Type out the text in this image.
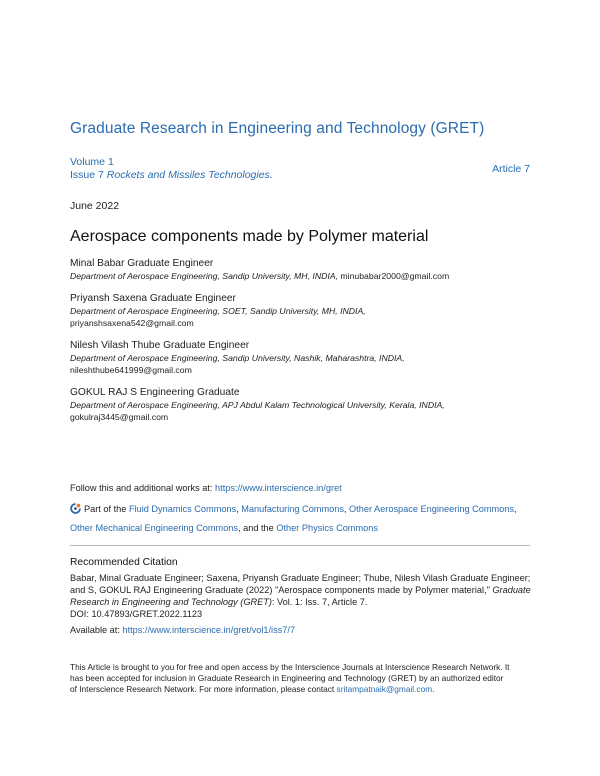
Graduate Research in Engineering and Technology (GRET)
Volume 1
Issue 7 Rockets and Missiles Technologies.	Article 7
June 2022
Aerospace components made by Polymer material
Minal Babar Graduate Engineer
Department of Aerospace Engineering, Sandip University, MH, INDIA, minubabar2000@gmail.com
Priyansh Saxena Graduate Engineer
Department of Aerospace Engineering, SOET, Sandip University, MH, INDIA,
priyanshsaxena542@gmail.com
Nilesh Vilash Thube Graduate Engineer
Department of Aerospace Engineering, Sandip University, Nashik, Maharashtra, INDIA,
nileshthube641999@gmail.com
GOKUL RAJ S Engineering Graduate
Department of Aerospace Engineering, APJ Abdul Kalam Technological University, Kerala, INDIA,
gokulraj3445@gmail.com
Follow this and additional works at: https://www.interscience.in/gret
Part of the Fluid Dynamics Commons, Manufacturing Commons, Other Aerospace Engineering Commons, Other Mechanical Engineering Commons, and the Other Physics Commons
Recommended Citation
Babar, Minal Graduate Engineer; Saxena, Priyansh Graduate Engineer; Thube, Nilesh Vilash Graduate Engineer; and S, GOKUL RAJ Engineering Graduate (2022) "Aerospace components made by Polymer material," Graduate Research in Engineering and Technology (GRET): Vol. 1: Iss. 7, Article 7.
DOI: 10.47893/GRET.2022.1123
Available at: https://www.interscience.in/gret/vol1/iss7/7
This Article is brought to you for free and open access by the Interscience Journals at Interscience Research Network. It has been accepted for inclusion in Graduate Research in Engineering and Technology (GRET) by an authorized editor of Interscience Research Network. For more information, please contact sritampatnaik@gmail.com.
